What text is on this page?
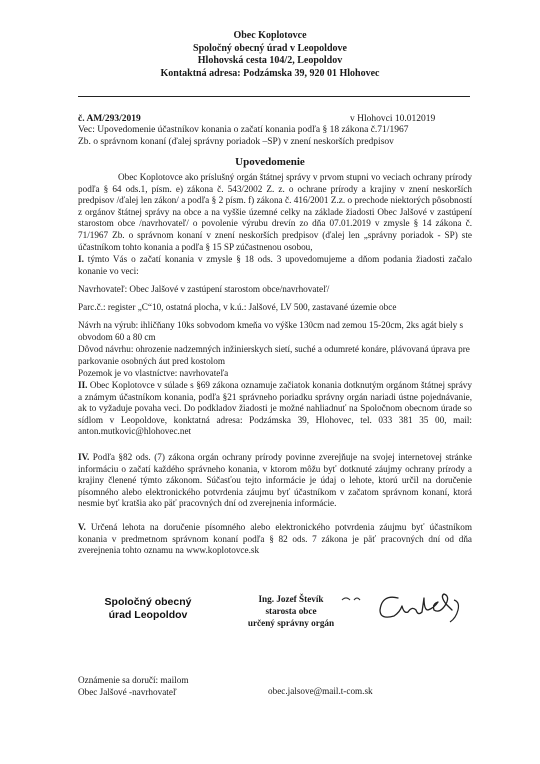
Obec Koplotovce
Spoločný obecný úrad v Leopoldove
Hlohovská cesta 104/2, Leopoldov
Kontaktná adresa: Podzámska 39, 920 01 Hlohovec
č. AM/293/2019	v Hlohovci 10.012019
Vec: Upovedomenie účastníkov konania o začatí konania podľa § 18 zákona č.71/1967
Zb. o správnom konaní (ďalej správny poriadok –SP) v znení neskorších predpisov
Upovedomenie
Obec Koplotovce ako príslušný orgán štátnej správy v prvom stupni vo veciach ochrany prírody podľa § 64 ods.1, písm. e) zákona č. 543/2002 Z. z. o ochrane prírody a krajiny v znení neskorších predpisov /ďalej len zákon/ a podľa § 2 písm. f) zákona č. 416/2001 Z.z. o prechode niektorých pôsobností z orgánov štátnej správy na obce a na vyššie územné celky na základe žiadosti Obec Jalšové v zastúpení starostom obce /navrhovateľ/ o povolenie výrubu drevín zo dňa 07.01.2019 v zmysle § 14 zákona č. 71/1967 Zb. o správnom konaní v znení neskorších predpisov (ďalej len „správny poriadok - SP) ste účastníkom tohto konania a podľa § 15 SP zúčastnenou osobou,
I. týmto Vás o začatí konania v zmysle § 18 ods. 3 upovedomujeme a dňom podania žiadosti začalo konanie vo veci:
Navrhovateľ: Obec Jalšové v zastúpení starostom obce/navrhovateľ/
Parc.č.: register „C“10, ostatná plocha, v k.ú.: Jalšové, LV 500, zastavané územie obce
Návrh na výrub: ihličňany 10ks sobvodom kmeňa vo výške 130cm nad zemou 15-20cm, 2ks agát biely s obvodom 60 a 80 cm
Dôvod návrhu: ohrozenie nadzemných inžinierskych sietí, suché a odumreté konáre, plávovaná úprava pre parkovanie osobných áut pred kostolom
Pozemok je vo vlastníctve: navrhovateľa
II. Obec Koplotovce v súlade s §69 zákona oznamuje začiatok konania dotknutým orgánom štátnej správy a známym účastníkom konania, podľa §21 správneho poriadku správny orgán nariadi ústne pojednávanie, ak to vyžaduje povaha veci. Do podkladov žiadosti je možné nahliadnuť na Spoločnom obecnom úrade so sídlom v Leopoldove, konktatná adresa: Podzámska 39, Hlohovec, tel. 033 381 35 00, mail: anton.mutkovic@hlohovec.net
IV. Podľa §82 ods. (7) zákona orgán ochrany prírody povinne zverejňuje na svojej internetovej stránke informáciu o začatí každého správneho konania, v ktorom môžu byť dotknuté záujmy ochrany prírody a krajiny členené týmto zákonom. Súčasťou tejto informácie je údaj o lehote, ktorú určil na doručenie písomného alebo elektronického potvrdenia záujmu byť účastníkom v začatom správnom konaní, ktorá nesmie byť kratšia ako päť pracovných dní od zverejnenia informácie.
V. Určená lehota na doručenie písomného alebo elektronického potvrdenia záujmu byť účastníkom konania v predmetnom správnom konaní podľa § 82 ods. 7 zákona je päť pracovných dní od dňa zverejnenia tohto oznamu na www.koplotovce.sk
Spoločný obecný
úrad Leopoldov
Ing. Jozef Števík
starosta obce
určený správny orgán
Oznámenie sa doručí: mailom
Obec Jalšové -navrhovateľ	obec.jalsove@mail.t-com.sk
